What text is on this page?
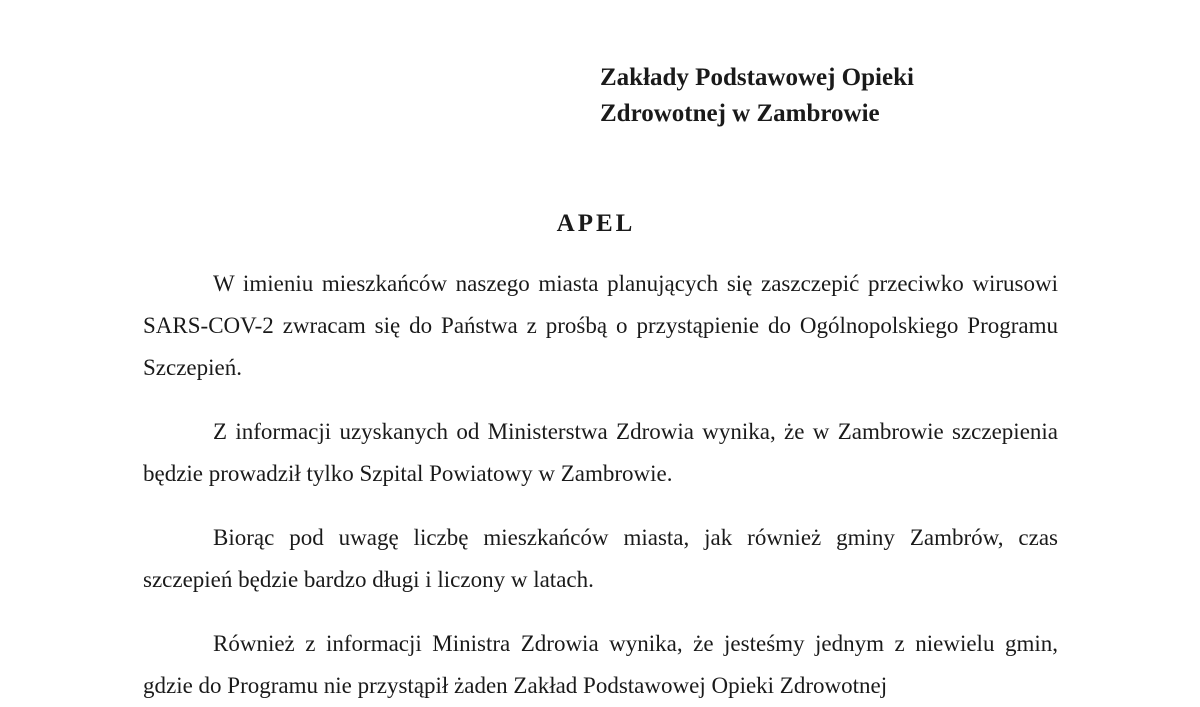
Zakłady Podstawowej Opieki
Zdrowotnej w Zambrowie
APEL

W imieniu mieszkańców naszego miasta planujących się zaszczepić przeciwko wirusowi SARS-COV-2 zwracam się do Państwa z prośbą o przystąpienie do Ogólnopolskiego Programu Szczepień.

Z informacji uzyskanych od Ministerstwa Zdrowia wynika, że w Zambrowie szczepienia będzie prowadził tylko Szpital Powiatowy w Zambrowie.

Biorąc pod uwagę liczbę mieszkańców miasta, jak również gminy Zambrów, czas szczepień będzie bardzo długi i liczony w latach.

Również z informacji Ministra Zdrowia wynika, że jesteśmy jednym z niewielu gmin, gdzie do Programu nie przystąpił żaden Zakład Podstawowej Opieki Zdrowotnej
